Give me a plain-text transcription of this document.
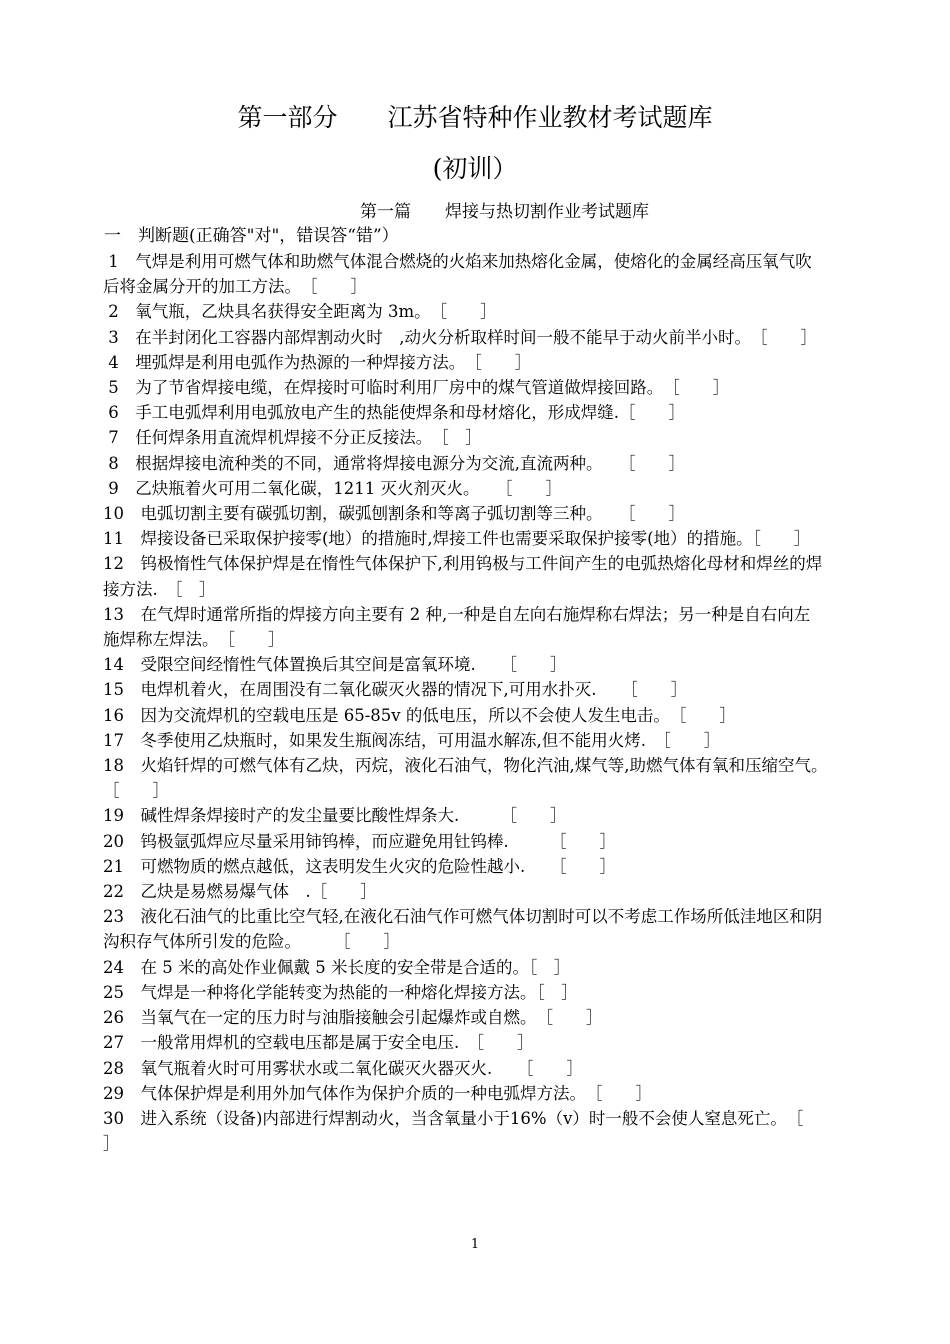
第一部分　　江苏省特种作业教材考试题库
(初训）
第一篇　　焊接与热切割作业考试题库
一　判断题(正确答"对"，错误答“错”）
1　气焊是利用可燃气体和助燃气体混合燃烧的火焰来加热熔化金属，使熔化的金属经高压氧气吹后将金属分开的加工方法。　［　　］
2　氧气瓶，乙炔具名获得安全距离为 3m。　［　　］
3　在半封闭化工容器内部焊割动火时　,动火分析取样时间一般不能早于动火前半小时。　［　　］
4　埋弧焊是利用电弧作为热源的一种焊接方法。　［　　］
5　为了节省焊接电缆，在焊接时可临时利用厂房中的煤气管道做焊接回路。　［　　］
6　手工电弧焊利用电弧放电产生的热能使焊条和母材熔化，形成焊缝.［　　］
7　任何焊条用直流焊机焊接不分正反接法。　［　］
8　根据焊接电流种类的不同，通常将焊接电源分为交流,直流两种。　　［　　］
9　乙炔瓶着火可用二氧化碳，1211 灭火剂灭火。　　［　　］
10　电弧切割主要有碳弧切割，碳弧刨割条和等离子弧切割等三种。　　［　　］
11　焊接设备已采取保护接零(地）的措施时,焊接工件也需要采取保护接零(地）的措施。［　　］
12　钨极惰性气体保护焊是在惰性气体保护下,利用钨极与工件间产生的电弧热熔化母材和焊丝的焊接方法.　［　］
13　在气焊时通常所指的焊接方向主要有 2 种,一种是自左向右施焊称右焊法；另一种是自右向左施焊称左焊法。　［　　］
14　受限空间经惰性气体置换后其空间是富氧环境.　　［　　］
15　电焊机着火，在周围没有二氧化碳灭火器的情况下,可用水扑灭.　　［　　］
16　因为交流焊机的空载电压是 65-85v 的低电压，所以不会使人发生电击。　［　　］
17　冬季使用乙炔瓶时，如果发生瓶阀冻结，可用温水解冻,但不能用火烤.　［　　］
18　火焰钎焊的可燃气体有乙炔，丙烷，液化石油气，物化汽油,煤气等,助燃气体有氧和压缩空气。　　［　　］
19　碱性焊条焊接时产的发尘量要比酸性焊条大.　　　［　　］
20　钨极氩弧焊应尽量采用铈钨棒，而应避免用钍钨棒.　　　［　　］
21　可燃物质的燃点越低，这表明发生火灾的危险性越小.　　［　　］
22　乙炔是易燃易爆气体　.［　　］
23　液化石油气的比重比空气轻,在液化石油气作可燃气体切割时可以不考虑工作场所低洼地区和阴沟积存气体所引发的危险。　　　［　　］
24　在 5 米的高处作业佩戴 5 米长度的安全带是合适的。［　］
25　气焊是一种将化学能转变为热能的一种熔化焊接方法。［　］
26　当氧气在一定的压力时与油脂接触会引起爆炸或自燃。　［　　］
27　一般常用焊机的空载电压都是属于安全电压.　［　　］
28　氧气瓶着火时可用雾状水或二氧化碳灭火器灭火.　　［　　］
29　气体保护焊是利用外加气体作为保护介质的一种电弧焊方法。　［　　］
30　进入系统（设备)内部进行焊割动火，当含氧量小于16%（v）时一般不会使人窒息死亡。　［　　］
1
